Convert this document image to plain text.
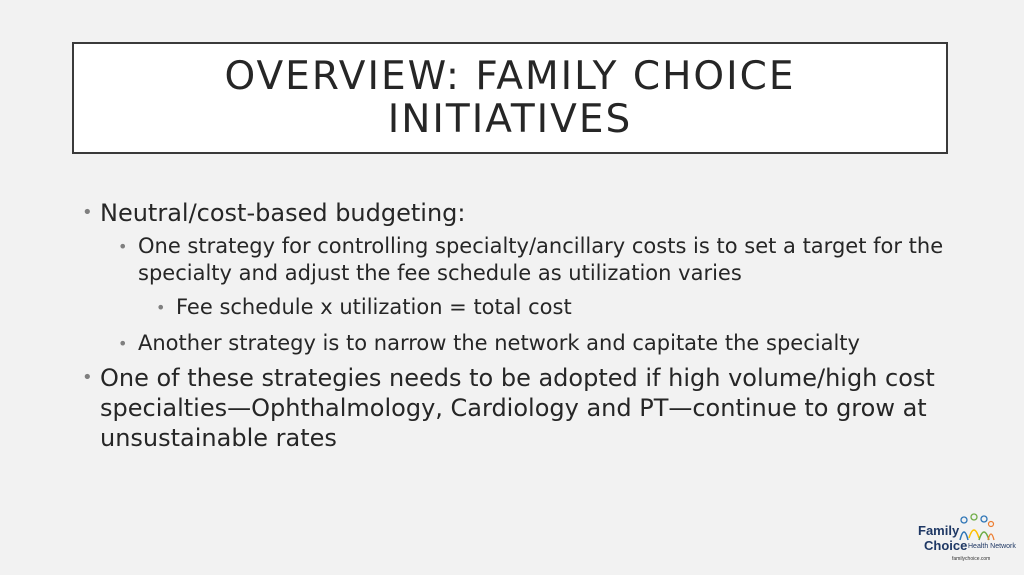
OVERVIEW: FAMILY CHOICE
INITIATIVES

• Neutral/cost-based budgeting:

• One strategy for controlling specialty/ancillary costs is to set a target for the specialty and adjust the fee schedule as utilization varies

• Fee schedule x utilization = total cost

• Another strategy is to narrow the network and capitate the specialty

• One of these strategies needs to be adopted if high volume/high cost specialties—Ophthalmology, Cardiology and PT—continue to grow at unsustainable rates

Family
Choice Health Network
familychoice.com
